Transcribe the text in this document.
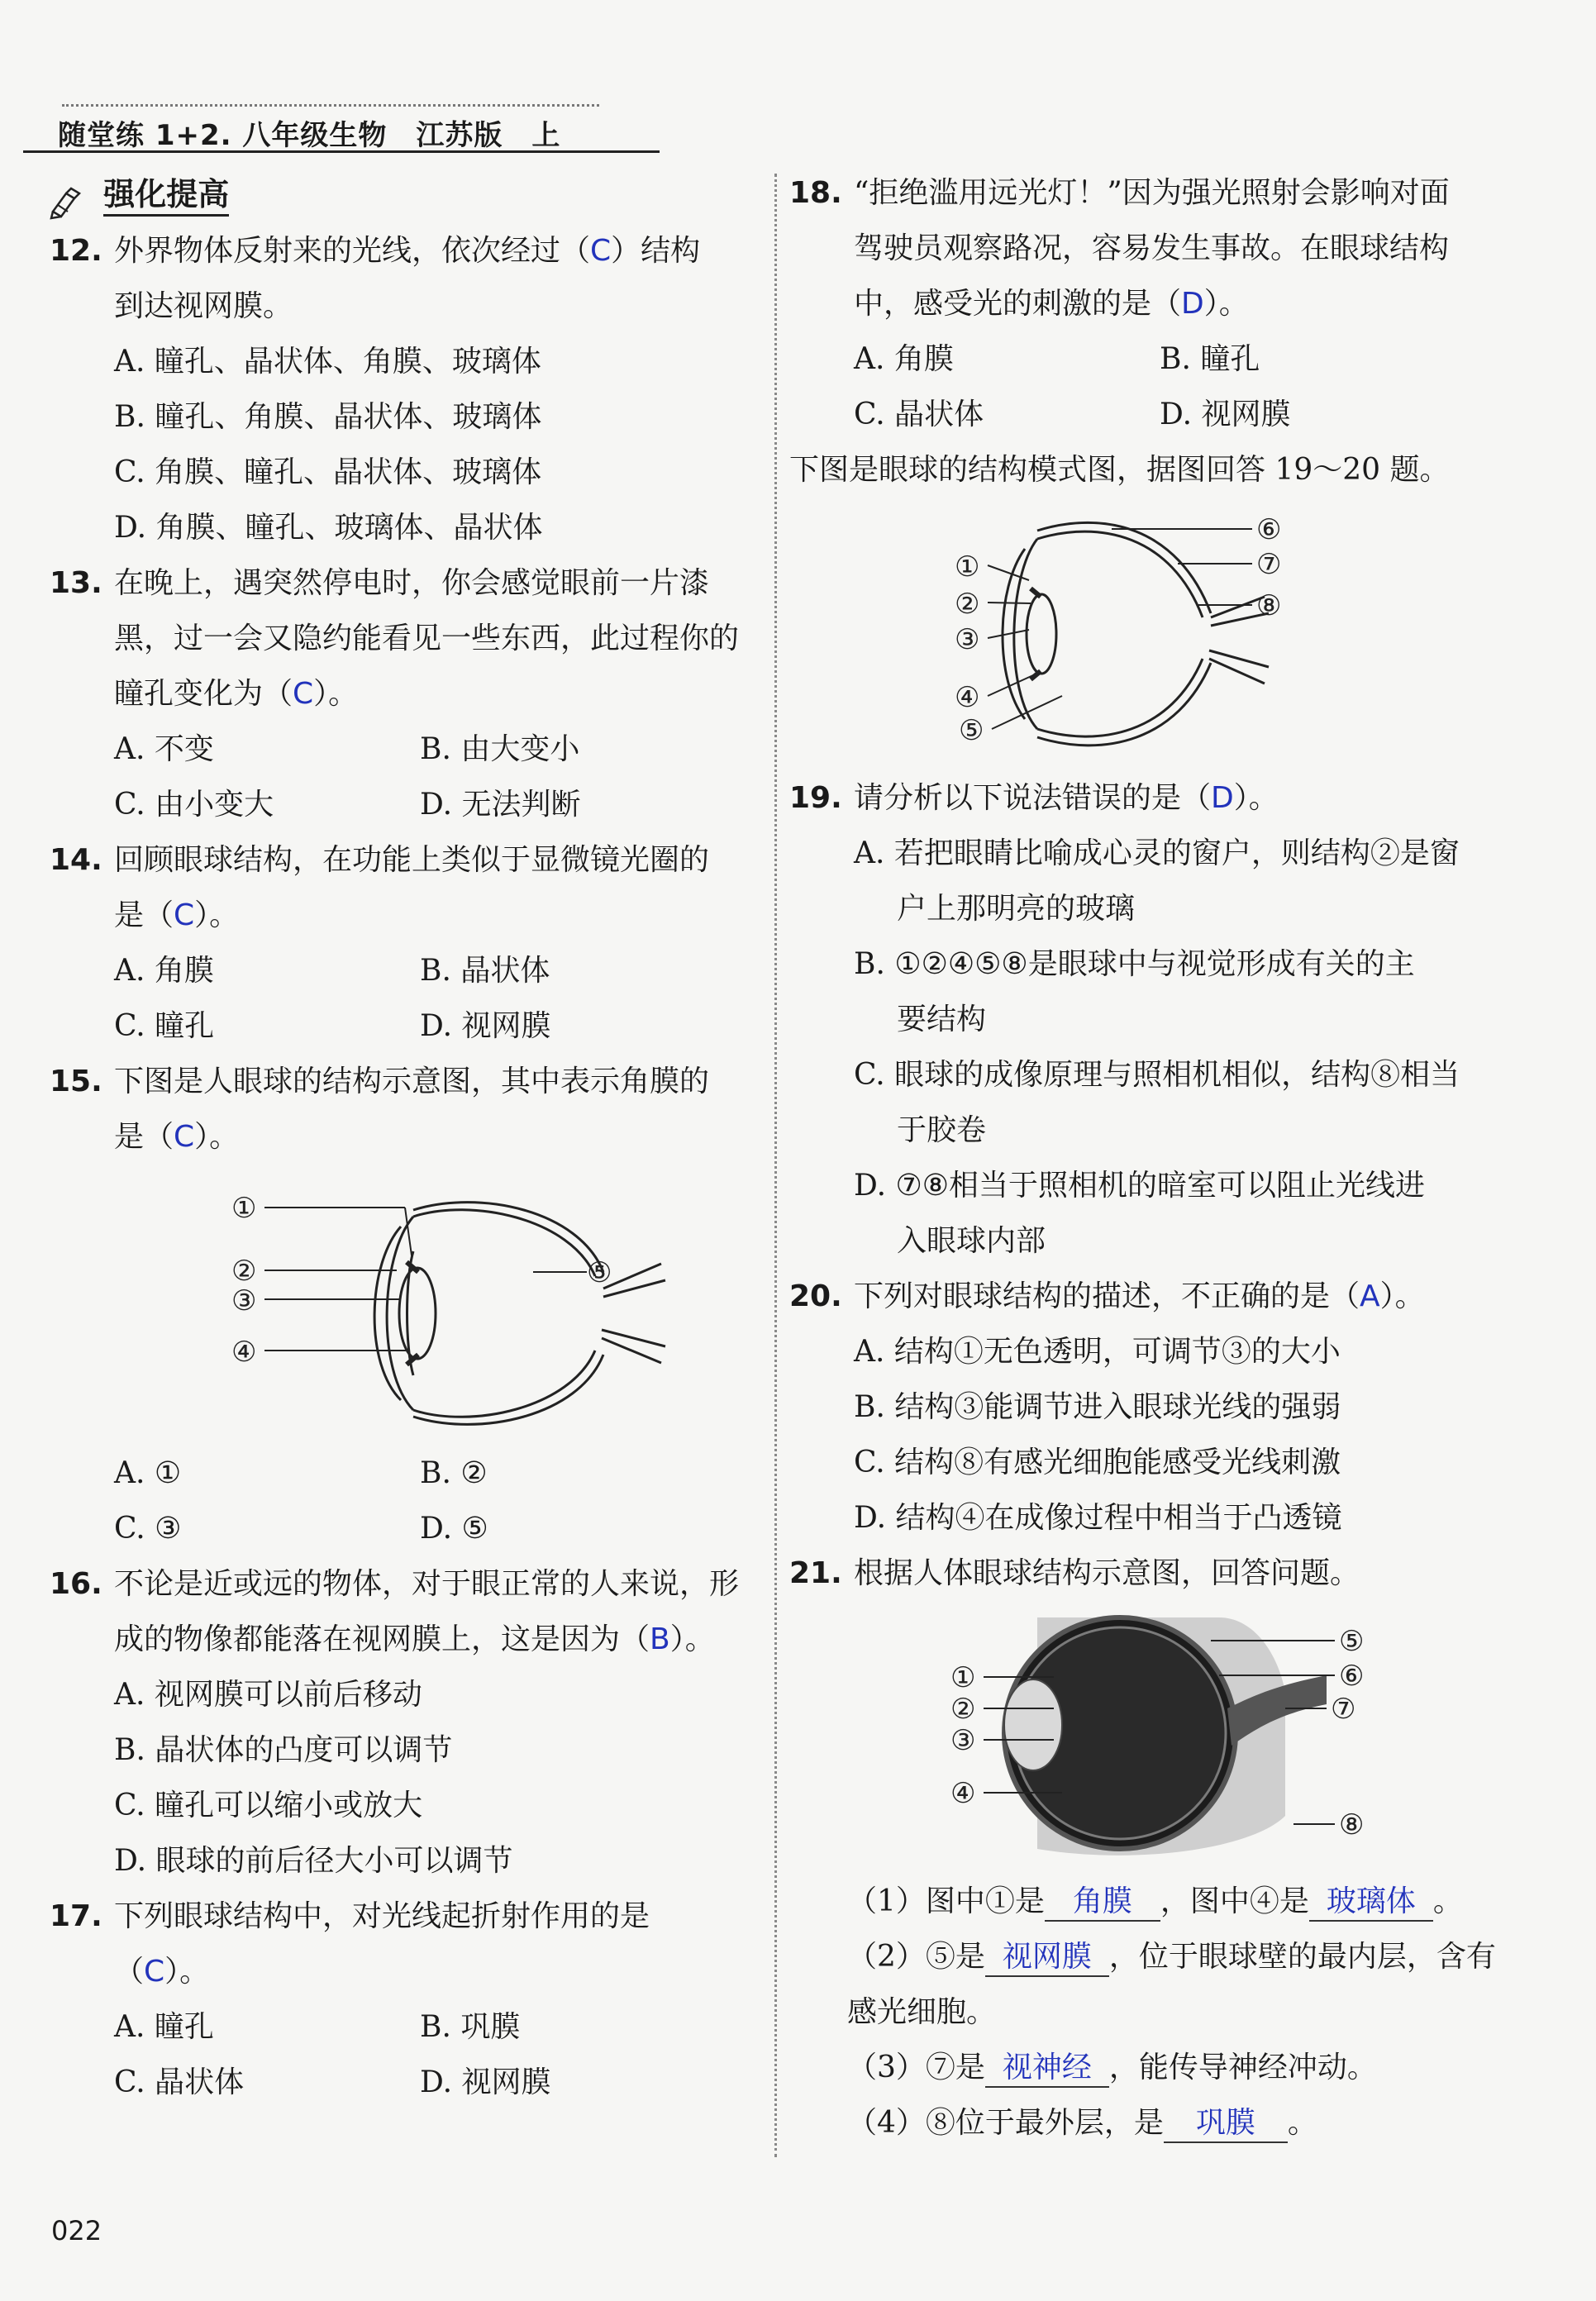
随堂练 1+2. 八年级生物　江苏版　上
强化提高
12. 外界物体反射来的光线，依次经过（C）结构
到达视网膜。
A. 瞳孔、晶状体、角膜、玻璃体
B. 瞳孔、角膜、晶状体、玻璃体
C. 角膜、瞳孔、晶状体、玻璃体
D. 角膜、瞳孔、玻璃体、晶状体
13. 在晚上，遇突然停电时，你会感觉眼前一片漆
黑，过一会又隐约能看见一些东西，此过程你的
瞳孔变化为（C）。
A. 不变	B. 由大变小
C. 由小变大	D. 无法判断
14. 回顾眼球结构，在功能上类似于显微镜光圈的
是（C）。
A. 角膜	B. 晶状体
C. 瞳孔	D. 视网膜
15. 下图是人眼球的结构示意图，其中表示角膜的
是（C）。
①
②
③
④
⑤
A. ①	B. ②
C. ③	D. ⑤
16. 不论是近或远的物体，对于眼正常的人来说，形
成的物像都能落在视网膜上，这是因为（B）。
A. 视网膜可以前后移动
B. 晶状体的凸度可以调节
C. 瞳孔可以缩小或放大
D. 眼球的前后径大小可以调节
17. 下列眼球结构中，对光线起折射作用的是
（C）。
A. 瞳孔	B. 巩膜
C. 晶状体	D. 视网膜
18. “拒绝滥用远光灯！”因为强光照射会影响对面
驾驶员观察路况，容易发生事故。在眼球结构
中，感受光的刺激的是（D）。
A. 角膜	B. 瞳孔
C. 晶状体	D. 视网膜
下图是眼球的结构模式图，据图回答 19～20 题。
①
②
③
④
⑤
⑥
⑦
⑧
19. 请分析以下说法错误的是（D）。
A. 若把眼睛比喻成心灵的窗户，则结构②是窗
户上那明亮的玻璃
B. ①②④⑤⑧是眼球中与视觉形成有关的主
要结构
C. 眼球的成像原理与照相机相似，结构⑧相当
于胶卷
D. ⑦⑧相当于照相机的暗室可以阻止光线进
入眼球内部
20. 下列对眼球结构的描述，不正确的是（A）。
A. 结构①无色透明，可调节③的大小
B. 结构③能调节进入眼球光线的强弱
C. 结构⑧有感光细胞能感受光线刺激
D. 结构④在成像过程中相当于凸透镜
21. 根据人体眼球结构示意图，回答问题。
①
②
③
④
⑤
⑥
⑦
⑧
（1）图中①是 角膜 ，图中④是 玻璃体 。
（2）⑤是 视网膜 ，位于眼球壁的最内层，含有
感光细胞。
（3）⑦是 视神经 ，能传导神经冲动。
（4）⑧位于最外层，是 巩膜 。
022
